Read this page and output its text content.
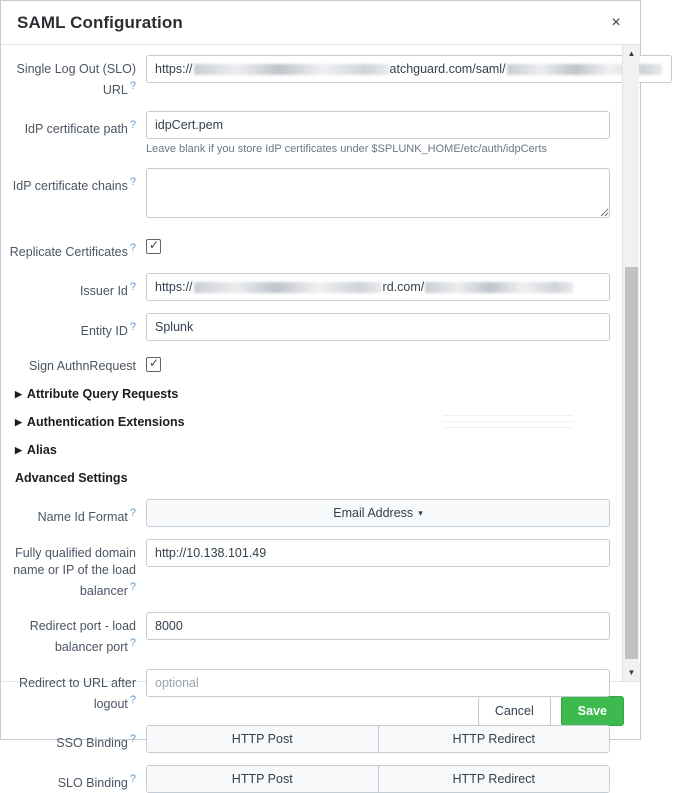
SAML Configuration	×
Single Log Out (SLO) URL ?
https://	atchguard.com/saml/
IdP certificate path ?
idpCert.pem
Leave blank if you store IdP certificates under $SPLUNK_HOME/etc/auth/idpCerts
IdP certificate chains ?
Replicate Certificates ?	✓
Issuer Id ?	https://	rd.com/
Entity ID ?
Splunk
Sign AuthnRequest	✓
▶ Attribute Query Requests
▶ Authentication Extensions
▶ Alias
Advanced Settings
Name Id Format ?	Email Address ▾
Fully qualified domain name or IP of the load balancer ?
http://10.138.101.49
Redirect port - load balancer port ?
8000
Redirect to URL after logout ?
optional
SSO Binding ?	HTTP Post	HTTP Redirect
SLO Binding ?	HTTP Post	HTTP Redirect
▲
▼
Cancel	Save
